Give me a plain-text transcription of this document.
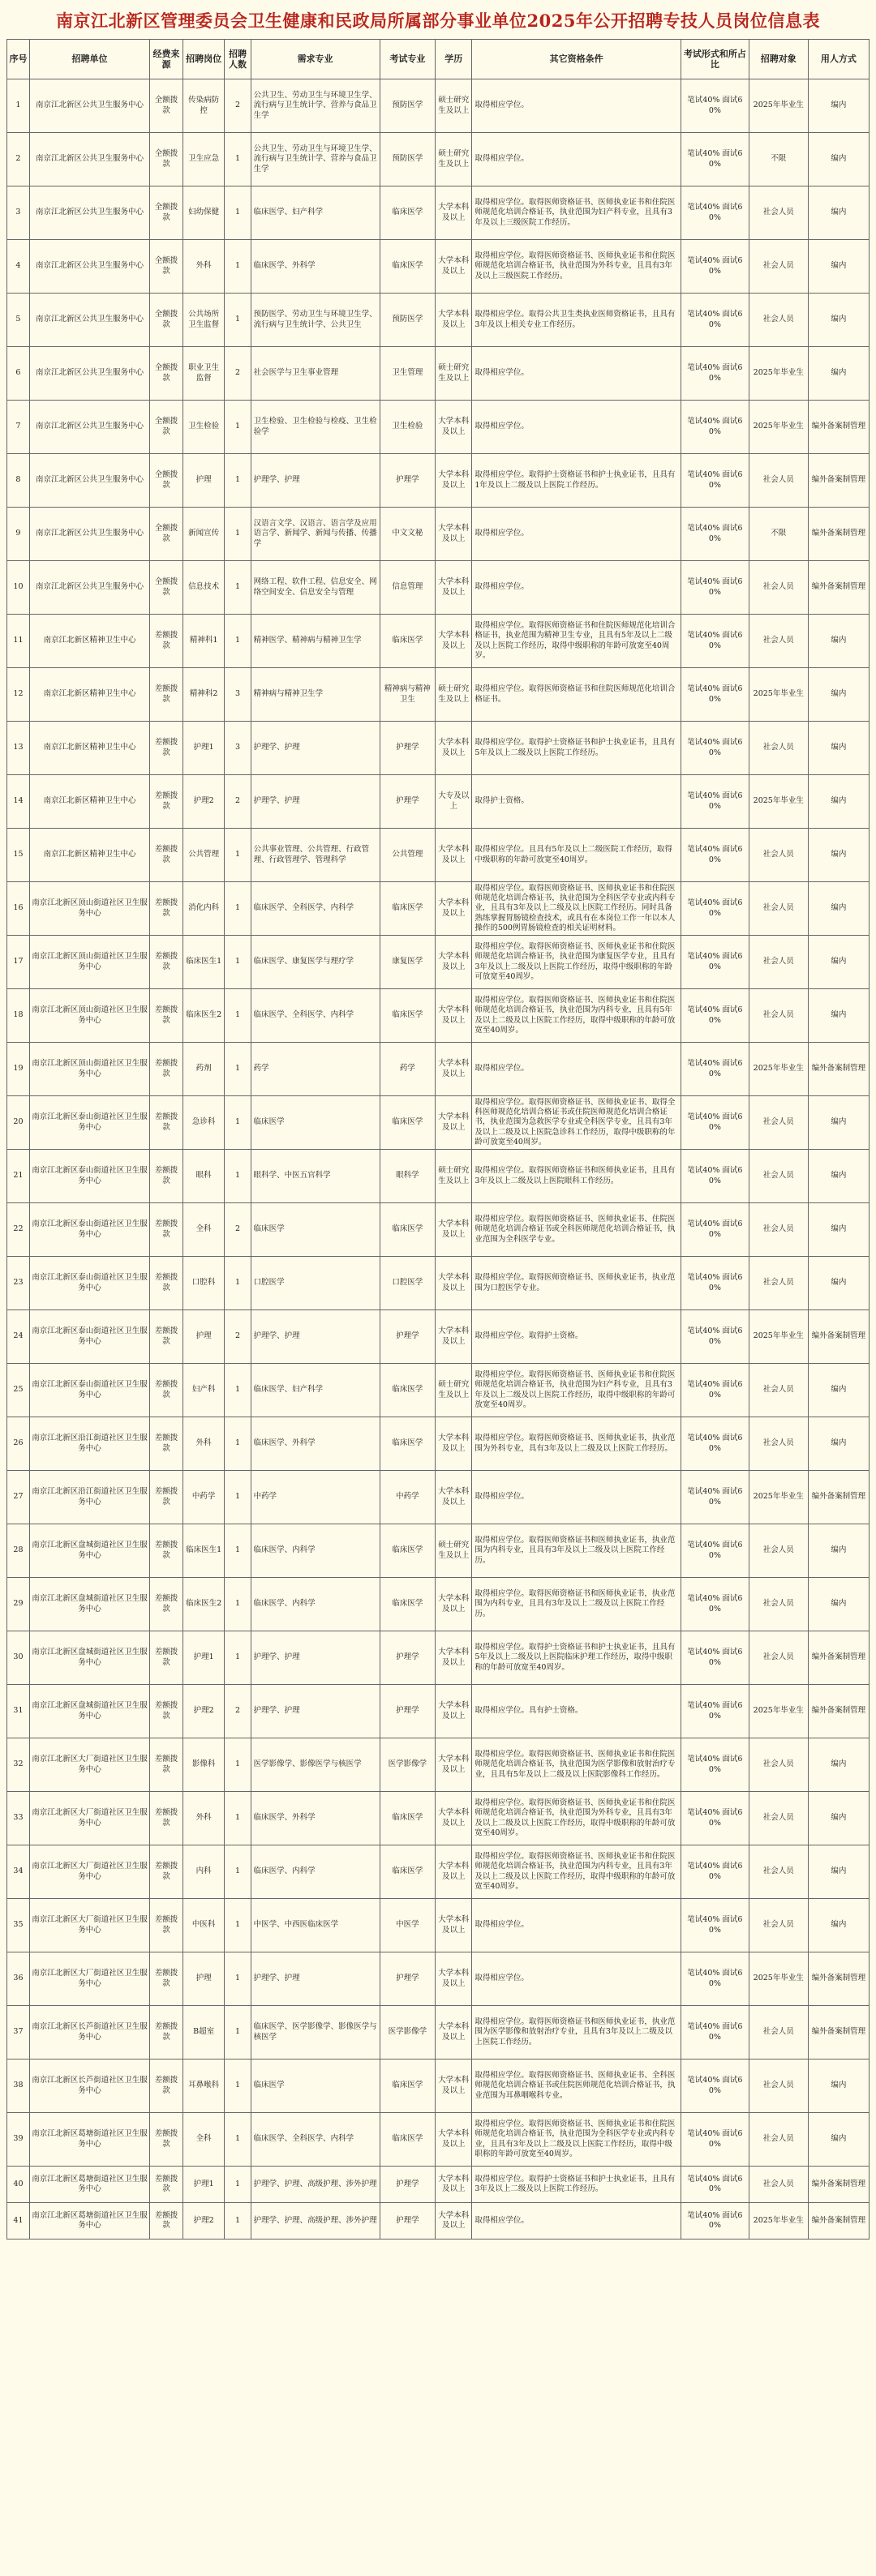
南京江北新区管理委员会卫生健康和民政局所属部分事业单位2025年公开招聘专技人员岗位信息表
序号	招聘单位	经费来源	招聘岗位	招聘人数	需求专业	考试专业	学历	其它资格条件	考试形式和所占比	招聘对象	用人方式
1	南京江北新区公共卫生服务中心	全额拨款	传染病防控	2	公共卫生、劳动卫生与环境卫生学、流行病与卫生统计学、营养与食品卫生学	预防医学	硕士研究生及以上	取得相应学位。	笔试40% 面试60%	2025年毕业生	编内
2	南京江北新区公共卫生服务中心	全额拨款	卫生应急	1	公共卫生、劳动卫生与环境卫生学、流行病与卫生统计学、营养与食品卫生学	预防医学	硕士研究生及以上	取得相应学位。	笔试40% 面试60%	不限	编内
3	南京江北新区公共卫生服务中心	全额拨款	妇幼保健	1	临床医学、妇产科学	临床医学	大学本科及以上	取得相应学位。取得医师资格证书、医师执业证书和住院医师规范化培训合格证书，执业范围为妇产科专业，且具有3年及以上三级医院工作经历。	笔试40% 面试60%	社会人员	编内
4	南京江北新区公共卫生服务中心	全额拨款	外科	1	临床医学、外科学	临床医学	大学本科及以上	取得相应学位。取得医师资格证书、医师执业证书和住院医师规范化培训合格证书，执业范围为外科专业，且具有3年及以上三级医院工作经历。	笔试40% 面试60%	社会人员	编内
5	南京江北新区公共卫生服务中心	全额拨款	公共场所卫生监督	1	预防医学、劳动卫生与环境卫生学、流行病与卫生统计学、公共卫生	预防医学	大学本科及以上	取得相应学位。取得公共卫生类执业医师资格证书，且具有3年及以上相关专业工作经历。	笔试40% 面试60%	社会人员	编内
6	南京江北新区公共卫生服务中心	全额拨款	职业卫生监督	2	社会医学与卫生事业管理	卫生管理	硕士研究生及以上	取得相应学位。	笔试40% 面试60%	2025年毕业生	编内
7	南京江北新区公共卫生服务中心	全额拨款	卫生检验	1	卫生检验、卫生检验与检疫、卫生检验学	卫生检验	大学本科及以上	取得相应学位。	笔试40% 面试60%	2025年毕业生	编外备案制管理
8	南京江北新区公共卫生服务中心	全额拨款	护理	1	护理学、护理	护理学	大学本科及以上	取得相应学位。取得护士资格证书和护士执业证书，且具有1年及以上二级及以上医院工作经历。	笔试40% 面试60%	社会人员	编外备案制管理
9	南京江北新区公共卫生服务中心	全额拨款	新闻宣传	1	汉语言文学、汉语言、语言学及应用语言学、新闻学、新闻与传播、传播学	中文文秘	大学本科及以上	取得相应学位。	笔试40% 面试60%	不限	编外备案制管理
10	南京江北新区公共卫生服务中心	全额拨款	信息技术	1	网络工程、软件工程、信息安全、网络空间安全、信息安全与管理	信息管理	大学本科及以上	取得相应学位。	笔试40% 面试60%	社会人员	编外备案制管理
11	南京江北新区精神卫生中心	差额拨款	精神科1	1	精神医学、精神病与精神卫生学	临床医学	大学本科及以上	取得相应学位。取得医师资格证书和住院医师规范化培训合格证书，执业范围为精神卫生专业，且具有5年及以上二级及以上医院工作经历，取得中级职称的年龄可放宽至40周岁。	笔试40% 面试60%	社会人员	编内
12	南京江北新区精神卫生中心	差额拨款	精神科2	3	精神病与精神卫生学	精神病与精神卫生	硕士研究生及以上	取得相应学位。取得医师资格证书和住院医师规范化培训合格证书。	笔试40% 面试60%	2025年毕业生	编内
13	南京江北新区精神卫生中心	差额拨款	护理1	3	护理学、护理	护理学	大学本科及以上	取得相应学位。取得护士资格证书和护士执业证书，且具有5年及以上二级及以上医院工作经历。	笔试40% 面试60%	社会人员	编内
14	南京江北新区精神卫生中心	差额拨款	护理2	2	护理学、护理	护理学	大专及以上	取得护士资格。	笔试40% 面试60%	2025年毕业生	编内
15	南京江北新区精神卫生中心	差额拨款	公共管理	1	公共事业管理、公共管理、行政管理、行政管理学、管理科学	公共管理	大学本科及以上	取得相应学位。且具有5年及以上二级医院工作经历，取得中级职称的年龄可放宽至40周岁。	笔试40% 面试60%	社会人员	编内
16	南京江北新区顶山街道社区卫生服务中心	差额拨款	消化内科	1	临床医学、全科医学、内科学	临床医学	大学本科及以上	取得相应学位。取得医师资格证书、医师执业证书和住院医师规范化培训合格证书，执业范围为全科医学专业或内科专业，且具有3年及以上二级及以上医院工作经历。同时具备熟练掌握胃肠镜检查技术，或具有在本岗位工作一年以本人操作的500例胃肠镜检查的相关证明材料。	笔试40% 面试60%	社会人员	编内
17	南京江北新区顶山街道社区卫生服务中心	差额拨款	临床医生1	1	临床医学、康复医学与理疗学	康复医学	大学本科及以上	取得相应学位。取得医师资格证书、医师执业证书和住院医师规范化培训合格证书，执业范围为康复医学专业，且具有3年及以上二级及以上医院工作经历，取得中级职称的年龄可放宽至40周岁。	笔试40% 面试60%	社会人员	编内
18	南京江北新区顶山街道社区卫生服务中心	差额拨款	临床医生2	1	临床医学、全科医学、内科学	临床医学	大学本科及以上	取得相应学位。取得医师资格证书、医师执业证书和住院医师规范化培训合格证书，执业范围为内科专业，且具有5年及以上二级及以上医院工作经历，取得中级职称的年龄可放宽至40周岁。	笔试40% 面试60%	社会人员	编内
19	南京江北新区顶山街道社区卫生服务中心	差额拨款	药剂	1	药学	药学	大学本科及以上	取得相应学位。	笔试40% 面试60%	2025年毕业生	编外备案制管理
20	南京江北新区泰山街道社区卫生服务中心	差额拨款	急诊科	1	临床医学	临床医学	大学本科及以上	取得相应学位。取得医师资格证书、医师执业证书、取得全科医师规范化培训合格证书或住院医师规范化培训合格证书，执业范围为急救医学专业或全科医学专业，且具有3年及以上二级及以上医院急诊科工作经历，取得中级职称的年龄可放宽至40周岁。	笔试40% 面试60%	社会人员	编内
21	南京江北新区泰山街道社区卫生服务中心	差额拨款	眼科	1	眼科学、中医五官科学	眼科学	硕士研究生及以上	取得相应学位。取得医师资格证书和医师执业证书，且具有3年及以上二级及以上医院眼科工作经历。	笔试40% 面试60%	社会人员	编内
22	南京江北新区泰山街道社区卫生服务中心	差额拨款	全科	2	临床医学	临床医学	大学本科及以上	取得相应学位。取得医师资格证书、医师执业证书、住院医师规范化培训合格证书或全科医师规范化培训合格证书，执业范围为全科医学专业。	笔试40% 面试60%	社会人员	编内
23	南京江北新区泰山街道社区卫生服务中心	差额拨款	口腔科	1	口腔医学	口腔医学	大学本科及以上	取得相应学位。取得医师资格证书、医师执业证书，执业范围为口腔医学专业。	笔试40% 面试60%	社会人员	编内
24	南京江北新区泰山街道社区卫生服务中心	差额拨款	护理	2	护理学、护理	护理学	大学本科及以上	取得相应学位。取得护士资格。	笔试40% 面试60%	2025年毕业生	编外备案制管理
25	南京江北新区泰山街道社区卫生服务中心	差额拨款	妇产科	1	临床医学、妇产科学	临床医学	硕士研究生及以上	取得相应学位。取得医师资格证书、医师执业证书和住院医师规范化培训合格证书，执业范围为妇产科专业，且具有3年及以上二级及以上医院工作经历，取得中级职称的年龄可放宽至40周岁。	笔试40% 面试60%	社会人员	编内
26	南京江北新区沿江街道社区卫生服务中心	差额拨款	外科	1	临床医学、外科学	临床医学	大学本科及以上	取得相应学位。取得医师资格证书、医师执业证书，执业范围为外科专业，具有3年及以上二级及以上医院工作经历。	笔试40% 面试60%	社会人员	编内
27	南京江北新区沿江街道社区卫生服务中心	差额拨款	中药学	1	中药学	中药学	大学本科及以上	取得相应学位。	笔试40% 面试60%	2025年毕业生	编外备案制管理
28	南京江北新区盘城街道社区卫生服务中心	差额拨款	临床医生1	1	临床医学、内科学	临床医学	硕士研究生及以上	取得相应学位。取得医师资格证书和医师执业证书，执业范围为内科专业，且具有3年及以上二级及以上医院工作经历。	笔试40% 面试60%	社会人员	编内
29	南京江北新区盘城街道社区卫生服务中心	差额拨款	临床医生2	1	临床医学、内科学	临床医学	大学本科及以上	取得相应学位。取得医师资格证书和医师执业证书，执业范围为内科专业，且具有3年及以上二级及以上医院工作经历。	笔试40% 面试60%	社会人员	编内
30	南京江北新区盘城街道社区卫生服务中心	差额拨款	护理1	1	护理学、护理	护理学	大学本科及以上	取得相应学位。取得护士资格证书和护士执业证书，且具有5年及以上二级及以上医院临床护理工作经历，取得中级职称的年龄可放宽至40周岁。	笔试40% 面试60%	社会人员	编外备案制管理
31	南京江北新区盘城街道社区卫生服务中心	差额拨款	护理2	2	护理学、护理	护理学	大学本科及以上	取得相应学位。具有护士资格。	笔试40% 面试60%	2025年毕业生	编外备案制管理
32	南京江北新区大厂街道社区卫生服务中心	差额拨款	影像科	1	医学影像学、影像医学与核医学	医学影像学	大学本科及以上	取得相应学位。取得医师资格证书、医师执业证书和住院医师规范化培训合格证书，执业范围为医学影像和放射治疗专业，且具有5年及以上二级及以上医院影像科工作经历。	笔试40% 面试60%	社会人员	编内
33	南京江北新区大厂街道社区卫生服务中心	差额拨款	外科	1	临床医学、外科学	临床医学	大学本科及以上	取得相应学位。取得医师资格证书、医师执业证书和住院医师规范化培训合格证书，执业范围为外科专业，且具有3年及以上二级及以上医院工作经历，取得中级职称的年龄可放宽至40周岁。	笔试40% 面试60%	社会人员	编内
34	南京江北新区大厂街道社区卫生服务中心	差额拨款	内科	1	临床医学、内科学	临床医学	大学本科及以上	取得相应学位。取得医师资格证书、医师执业证书和住院医师规范化培训合格证书，执业范围为内科专业，且具有3年及以上二级及以上医院工作经历，取得中级职称的年龄可放宽至40周岁。	笔试40% 面试60%	社会人员	编内
35	南京江北新区大厂街道社区卫生服务中心	差额拨款	中医科	1	中医学、中西医临床医学	中医学	大学本科及以上	取得相应学位。	笔试40% 面试60%	社会人员	编内
36	南京江北新区大厂街道社区卫生服务中心	差额拨款	护理	1	护理学、护理	护理学	大学本科及以上	取得相应学位。	笔试40% 面试60%	2025年毕业生	编外备案制管理
37	南京江北新区长芦街道社区卫生服务中心	差额拨款	B超室	1	临床医学、医学影像学、影像医学与核医学	医学影像学	大学本科及以上	取得相应学位。取得医师资格证书和医师执业证书，执业范围为医学影像和放射治疗专业，且具有3年及以上二级及以上医院工作经历。	笔试40% 面试60%	社会人员	编外备案制管理
38	南京江北新区长芦街道社区卫生服务中心	差额拨款	耳鼻喉科	1	临床医学	临床医学	大学本科及以上	取得相应学位。取得医师资格证书、医师执业证书、全科医师规范化培训合格证书或住院医师规范化培训合格证书，执业范围为耳鼻咽喉科专业。	笔试40% 面试60%	社会人员	编内
39	南京江北新区葛塘街道社区卫生服务中心	差额拨款	全科	1	临床医学、全科医学、内科学	临床医学	大学本科及以上	取得相应学位。取得医师资格证书、医师执业证书和住院医师规范化培训合格证书，执业范围为全科医学专业或内科专业，且具有3年及以上二级及以上医院工作经历，取得中级职称的年龄可放宽至40周岁。	笔试40% 面试60%	社会人员	编内
40	南京江北新区葛塘街道社区卫生服务中心	差额拨款	护理1	1	护理学、护理、高级护理、涉外护理	护理学	大学本科及以上	取得相应学位。取得护士资格证书和护士执业证书，且具有3年及以上二级及以上医院工作经历。	笔试40% 面试60%	社会人员	编外备案制管理
41	南京江北新区葛塘街道社区卫生服务中心	差额拨款	护理2	1	护理学、护理、高级护理、涉外护理	护理学	大学本科及以上	取得相应学位。	笔试40% 面试60%	2025年毕业生	编外备案制管理
